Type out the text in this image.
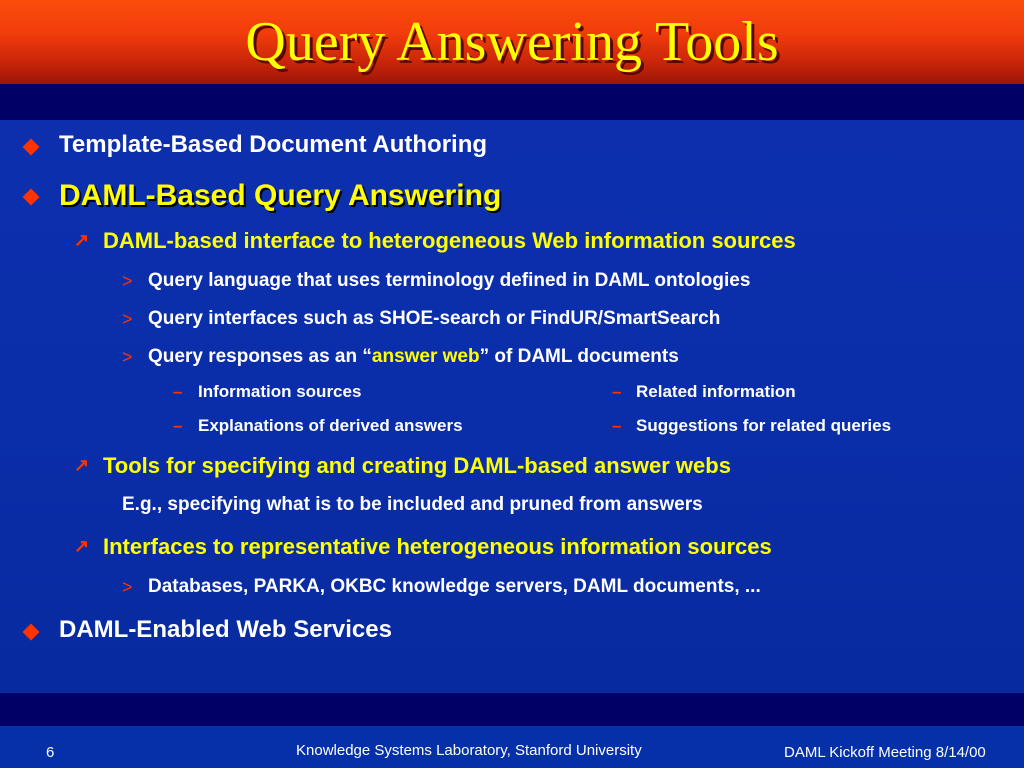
Query Answering Tools
Template-Based Document Authoring
DAML-Based Query Answering
↗ DAML-based interface to heterogeneous Web information sources
> Query language that uses terminology defined in DAML ontologies
> Query interfaces such as SHOE-search or FindUR/SmartSearch
> Query responses as an “answer web” of DAML documents
– Information sources	– Related information
– Explanations of derived answers	– Suggestions for related queries
↗ Tools for specifying and creating DAML-based answer webs
E.g., specifying what is to be included and pruned from answers
↗ Interfaces to representative heterogeneous information sources
> Databases, PARKA, OKBC knowledge servers, DAML documents, ...
DAML-Enabled Web Services
6	Knowledge Systems Laboratory, Stanford University	DAML Kickoff Meeting 8/14/00
